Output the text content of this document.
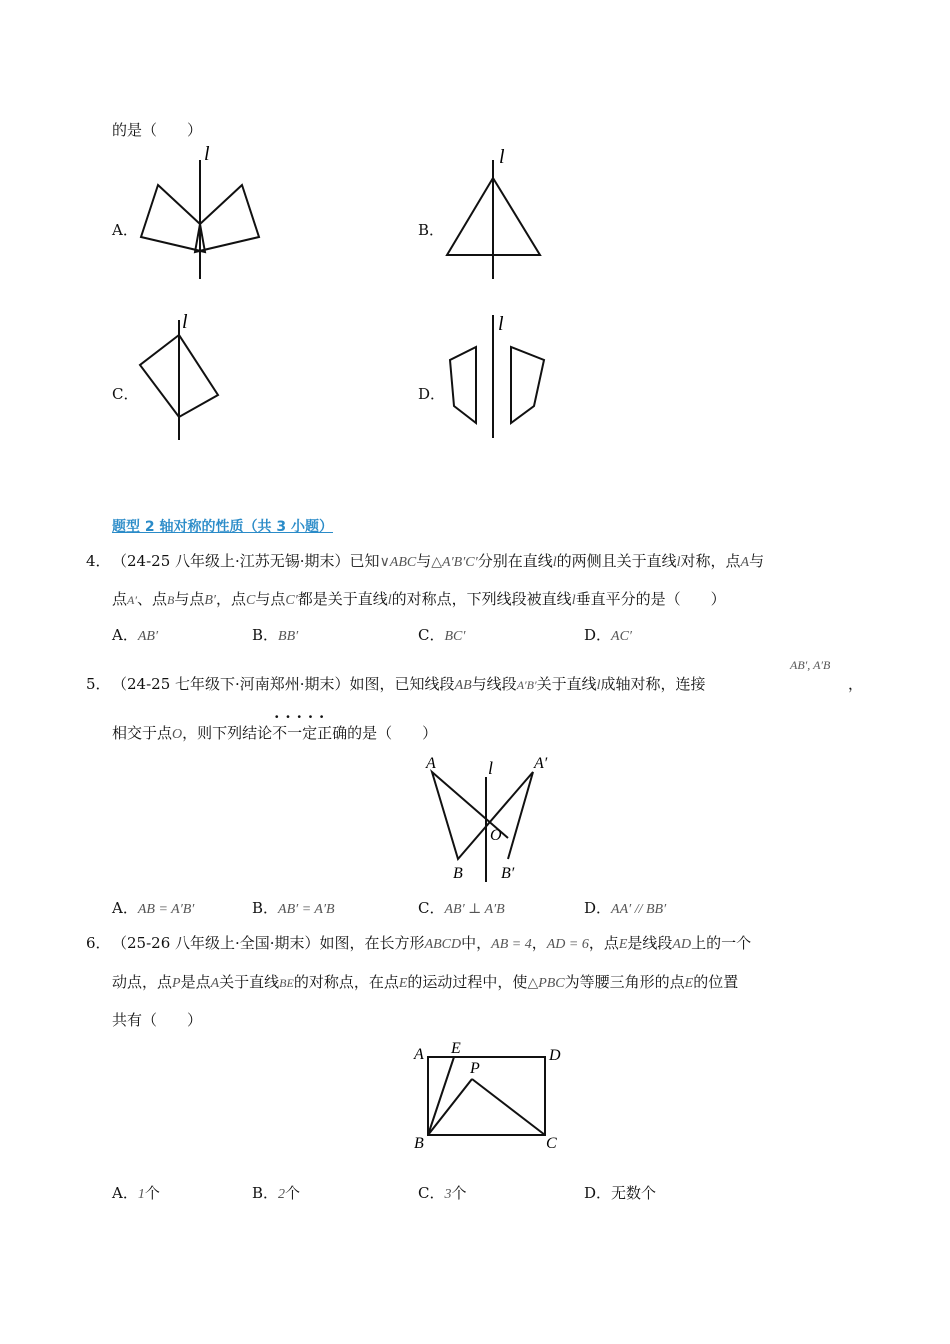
的是（　　）
A．
l
B．
l
C．
l
D．
l
题型 2 轴对称的性质（共 3 小题）
4． （24-25 八年级上·江苏无锡·期末）已知∨ABC与△A′B′C′分别在直线l的两侧且关于直线l对称，点A与
点A′、点B与点B′，点C与点C′都是关于直线l的对称点，下列线段被直线l垂直平分的是（　　）
A．AB′	B．BB′	C．BC′	D．AC′
5． （24-25 七年级下·河南郑州·期末）如图，已知线段AB与线段A′B′关于直线l成轴对称，连接
AB′, A′B
，
相交于点O，则下列结论
·····
不一定正确的是（　　）
A	A′
l
O
B B′
A．AB = A′B′	B．AB′ = A′B	C．AB′ ⊥ A′B	D．AA′ // BB′
6． （25-26 八年级上·全国·期末）如图，在长方形ABCD中，AB = 4，AD = 6，点E是线段AD上的一个
动点，点P是点A关于直线BE的对称点，在点E的运动过程中，使△PBC为等腰三角形的点E的位置
共有（　　）
A E	D
P
B	C
A．1个	B．2个	C．3个	D．无数个
